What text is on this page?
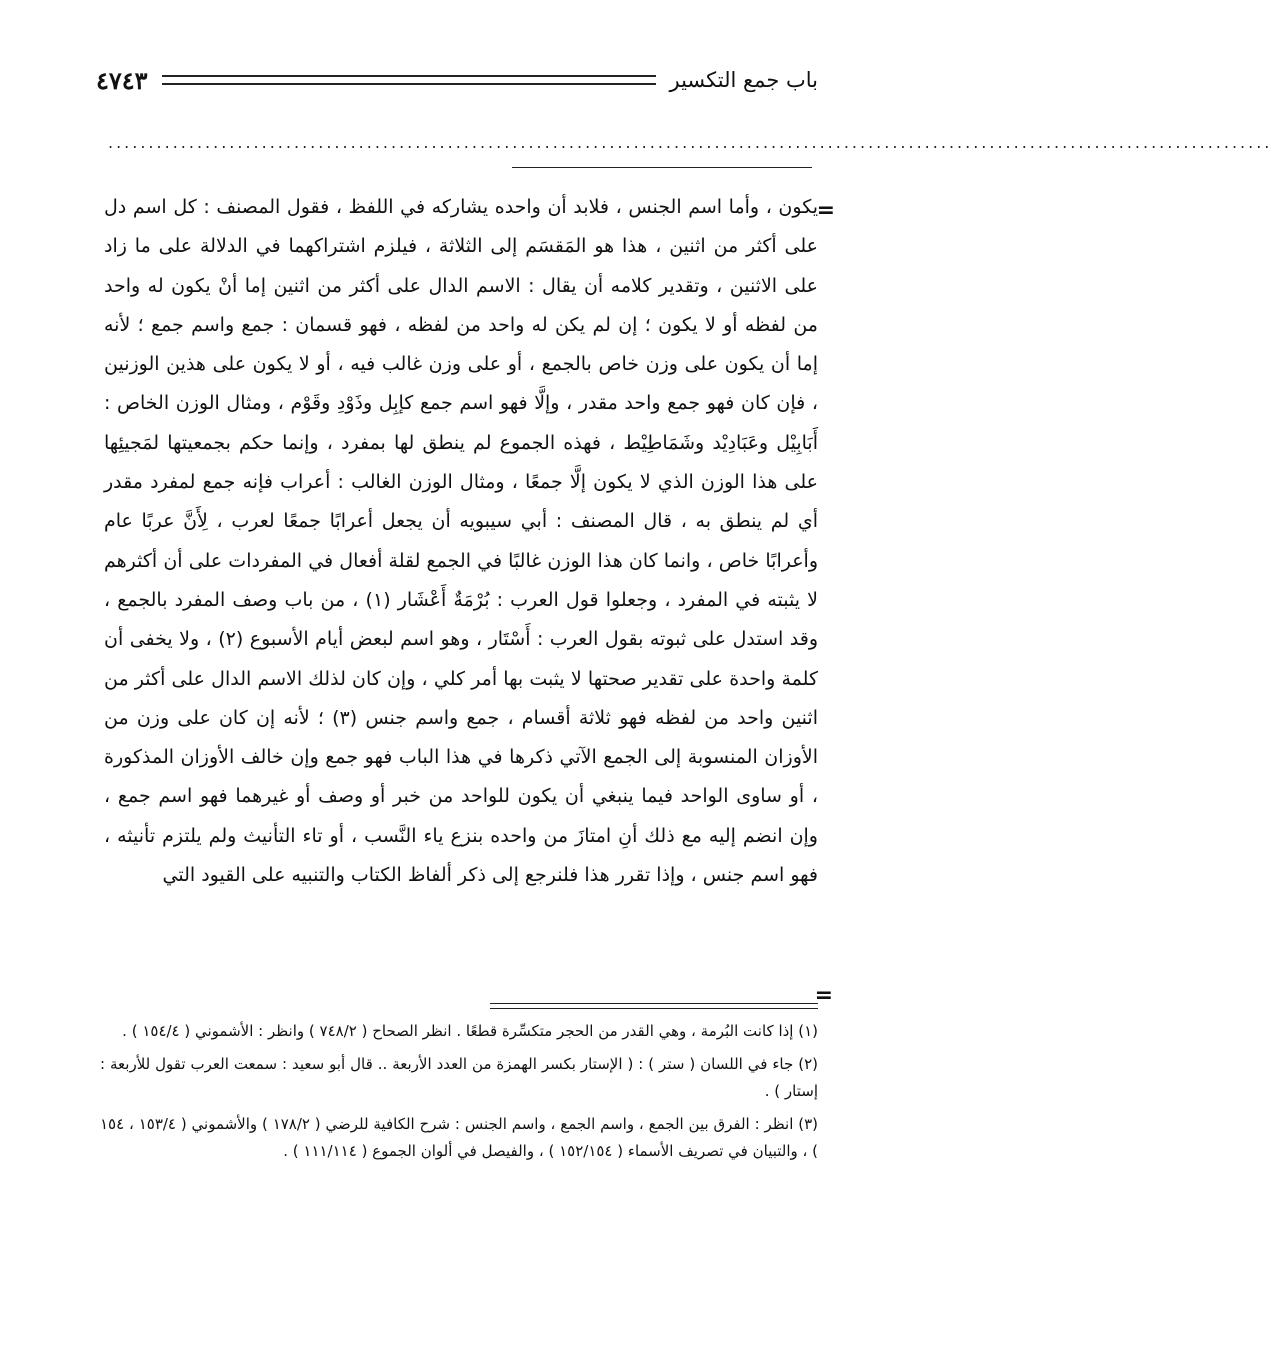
باب جمع التكسير
٤٧٤٣
................................................................................................................................................
=

يكون ، وأما اسم الجنس ، فلابد أن واحده يشاركه في اللفظ ، فقول المصنف : كل اسم دل على أكثر من اثنين ، هذا هو المَقسَم إلى الثلاثة ، فيلزم اشتراكهما في الدلالة على ما زاد على الاثنين ، وتقدير كلامه أن يقال : الاسم الدال على أكثر من اثنين إما أنْ يكون له واحد من لفظه أو لا يكون ؛ إن لم يكن له واحد من لفظه ، فهو قسمان : جمع واسم جمع ؛ لأنه إما أن يكون على وزن خاص بالجمع ، أو على وزن غالب فيه ، أو لا يكون على هذين الوزنين ، فإن كان فهو جمع واحد مقدر ، وإلَّا فهو اسم جمع كإبِل وذَوْدِ وقَوْم ، ومثال الوزن الخاص : أَبَابِيْل وعَبَادِيْد وشَمَاطِيْط ، فهذه الجموع لم ينطق لها بمفرد ، وإنما حكم بجمعيتها لمَجيئِها على هذا الوزن الذي لا يكون إلَّا جمعًا ، ومثال الوزن الغالب : أعراب فإنه جمع لمفرد مقدر أي لم ينطق به ، قال المصنف : أبي سيبويه أن يجعل أعرابًا جمعًا لعرب ، لِأَنَّ عربًا عام وأعرابًا خاص ، وانما كان هذا الوزن غالبًا في الجمع لقلة أفعال في المفردات على أن أكثرهم لا يثبته في المفرد ، وجعلوا قول العرب : بُرْمَةٌ أَعْشَار (١) ، من باب وصف المفرد بالجمع ، وقد استدل على ثبوته بقول العرب : أَسْتَار ، وهو اسم لبعض أيام الأسبوع (٢) ، ولا يخفى أن كلمة واحدة على تقدير صحتها لا يثبت بها أمر كلي ، وإن كان لذلك الاسم الدال على أكثر من اثنين واحد من لفظه فهو ثلاثة أقسام ، جمع واسم جنس (٣) ؛ لأنه إن كان على وزن من الأوزان المنسوبة إلى الجمع الآتي ذكرها في هذا الباب فهو جمع وإن خالف الأوزان المذكورة ، أو ساوى الواحد فيما ينبغي أن يكون للواحد من خبر أو وصف أو غيرهما فهو اسم جمع ، وإن انضم إليه مع ذلك أنِ امتازَ من واحده بنزع ياء النَّسب ، أو تاء التأنيث ولم يلتزم تأنيثه ، فهو اسم جنس ، وإذا تقرر هذا فلنرجع إلى ذكر ألفاظ الكتاب والتنبيه على القيود التي

=

(١) إذا كانت البُرمة ، وهي القدر من الحجر متكسِّرة قطعًا . انظر الصحاح ( ٧٤٨/٢ ) وانظر : الأشموني ( ١٥٤/٤ ) .

(٢) جاء في اللسان ( ستر ) : ( الإستار بكسر الهمزة من العدد الأربعة .. قال أبو سعيد : سمعت العرب تقول للأربعة : إستار ) .

(٣) انظر : الفرق بين الجمع ، واسم الجمع ، واسم الجنس : شرح الكافية للرضي ( ١٧٨/٢ ) والأشموني ( ١٥٣/٤ ، ١٥٤ ) ، والتبيان في تصريف الأسماء ( ١٥٢/١٥٤ ) ، والفيصل في ألوان الجموع ( ١١١/١١٤ ) .
